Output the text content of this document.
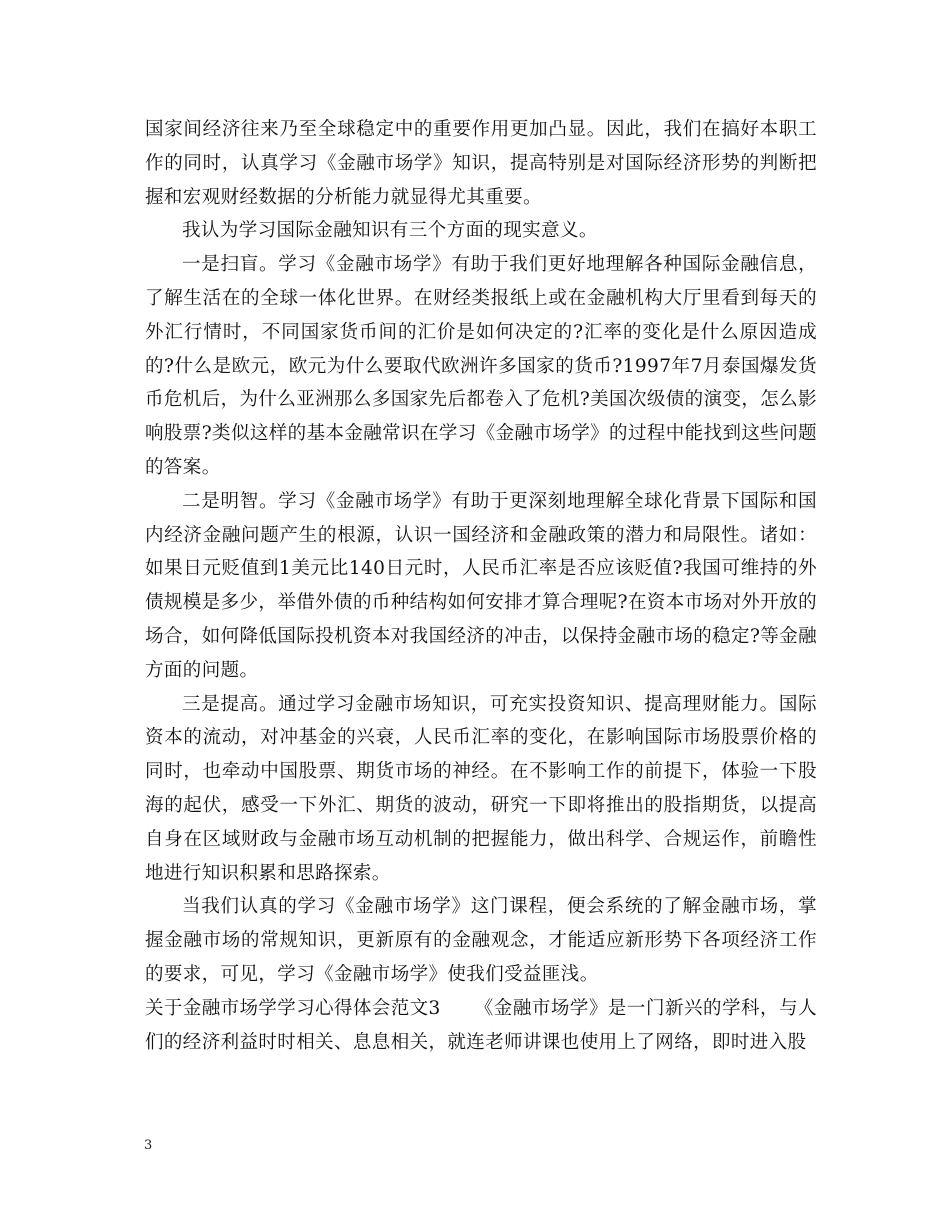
国家间经济往来乃至全球稳定中的重要作用更加凸显。因此，我们在搞好本职工作的同时，认真学习《金融市场学》知识，提高特别是对国际经济形势的判断把握和宏观财经数据的分析能力就显得尤其重要。

我认为学习国际金融知识有三个方面的现实意义。

一是扫盲。学习《金融市场学》有助于我们更好地理解各种国际金融信息，了解生活在的全球一体化世界。在财经类报纸上或在金融机构大厅里看到每天的外汇行情时，不同国家货币间的汇价是如何决定的?汇率的变化是什么原因造成的?什么是欧元，欧元为什么要取代欧洲许多国家的货币?1997年7月泰国爆发货币危机后，为什么亚洲那么多国家先后都卷入了危机?美国次级债的演变，怎么影响股票?类似这样的基本金融常识在学习《金融市场学》的过程中能找到这些问题的答案。

二是明智。学习《金融市场学》有助于更深刻地理解全球化背景下国际和国内经济金融问题产生的根源，认识一国经济和金融政策的潜力和局限性。诸如：如果日元贬值到1美元比140日元时，人民币汇率是否应该贬值?我国可维持的外债规模是多少，举借外债的币种结构如何安排才算合理呢?在资本市场对外开放的场合，如何降低国际投机资本对我国经济的冲击，以保持金融市场的稳定?等金融方面的问题。

三是提高。通过学习金融市场知识，可充实投资知识、提高理财能力。国际资本的流动，对冲基金的兴衰，人民币汇率的变化，在影响国际市场股票价格的同时，也牵动中国股票、期货市场的神经。在不影响工作的前提下，体验一下股海的起伏，感受一下外汇、期货的波动，研究一下即将推出的股指期货，以提高自身在区域财政与金融市场互动机制的把握能力，做出科学、合规运作，前瞻性地进行知识积累和思路探索。

当我们认真的学习《金融市场学》这门课程，便会系统的了解金融市场，掌握金融市场的常规知识，更新原有的金融观念，才能适应新形势下各项经济工作的要求，可见，学习《金融市场学》使我们受益匪浅。

关于金融市场学学习心得体会范文3 《金融市场学》是一门新兴的学科，与人们的经济利益时时相关、息息相关，就连老师讲课也使用上了网络，即时进入股

3
